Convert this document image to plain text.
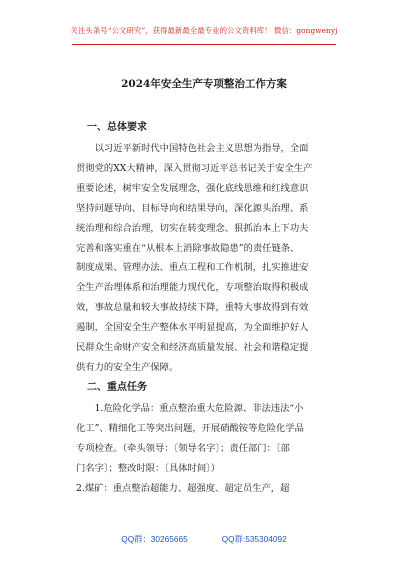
关注头条号“公文研究”，获得最新最全最专业的公文资料库！ 微信：gongwenyj
2024年安全生产专项整治工作方案
一、总体要求
以习近平新时代中国特色社会主义思想为指导，全面
贯彻党的XX大精神，深入贯彻习近平总书记关于安全生产
重要论述，树牢安全发展理念，强化底线思维和红线意识
坚持问题导向、目标导向和结果导向，深化源头治理、系
统治理和综合治理，切实在转变理念、狠抓治本上下功夫
完善和落实重在“从根本上消除事故隐患”的责任链条、
制度成果、管理办法、重点工程和工作机制，扎实推进安
全生产治理体系和治理能力现代化，专项整治取得积极成
效，事故总量和较大事故持续下降，重特大事故得到有效
遏制，全国安全生产整体水平明显提高，为全面维护好人
民群众生命财产安全和经济高质量发展、社会和谐稳定提
供有力的安全生产保障。
二、重点任务
1.危险化学品：重点整治重大危险源、非法违法“小
化工”、精细化工等突出问题，开展硝酸铵等危险化学品
专项检查。（牵头领导：〔领导名字〕；责任部门：〔部
门名字〕；整改时限：〔具体时间〕）
2.煤矿：重点整治超能力、超强度、超定员生产，超
QQ群：30265665	QQ群:535304092
